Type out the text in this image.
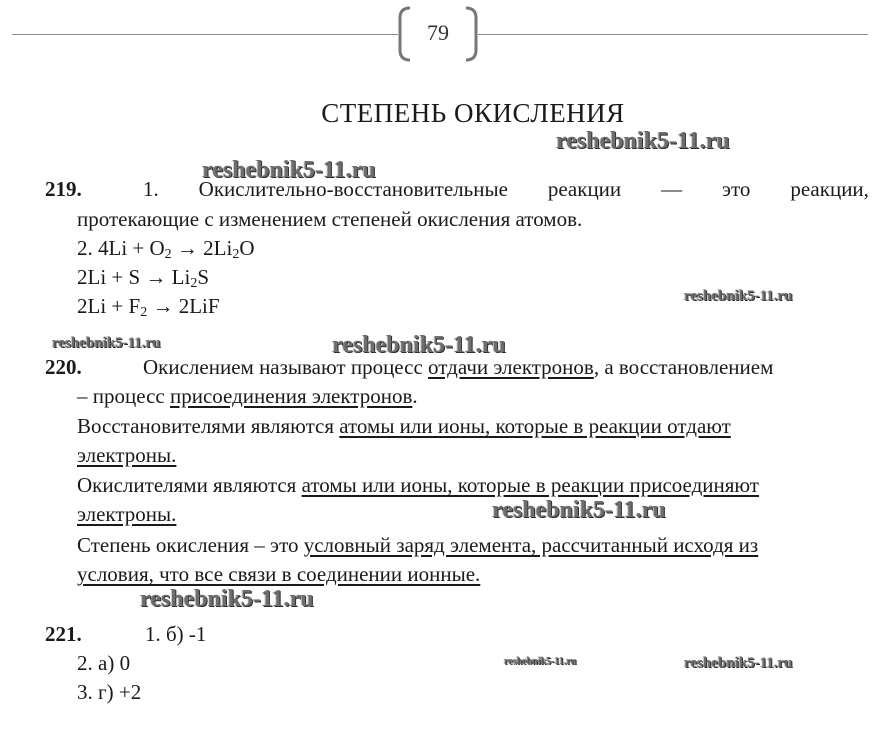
79
СТЕПЕНЬ ОКИСЛЕНИЯ
reshebnik5-11.ru
reshebnik5-11.ru
reshebnik5-11.ru
reshebnik5-11.ru	reshebnik5-11.ru
reshebnik5-11.ru
reshebnik5-11.ru
reshebnik5-11.ru	reshebnik5-11.ru
219.	1. Окислительно-восстановительные реакции — это реакции,
протекающие с изменением степеней окисления атомов.
2. $4Li + O_2 \to 2Li_2O$
$2Li + S \to Li_2S$
$2Li + F_2 \to 2LiF$
220.	Окислением называют процесс отдачи электронов, а восстановлением
– процесс присоединения электронов.
Восстановителями являются атомы или ионы, которые в реакции отдают
электроны.
Окислителями являются атомы или ионы, которые в реакции присоединяют
электроны.
Степень окисления – это условный заряд элемента, рассчитанный исходя из
условия, что все связи в соединении ионные.
221.	1. б) -1
2. а) 0
3. г) +2
